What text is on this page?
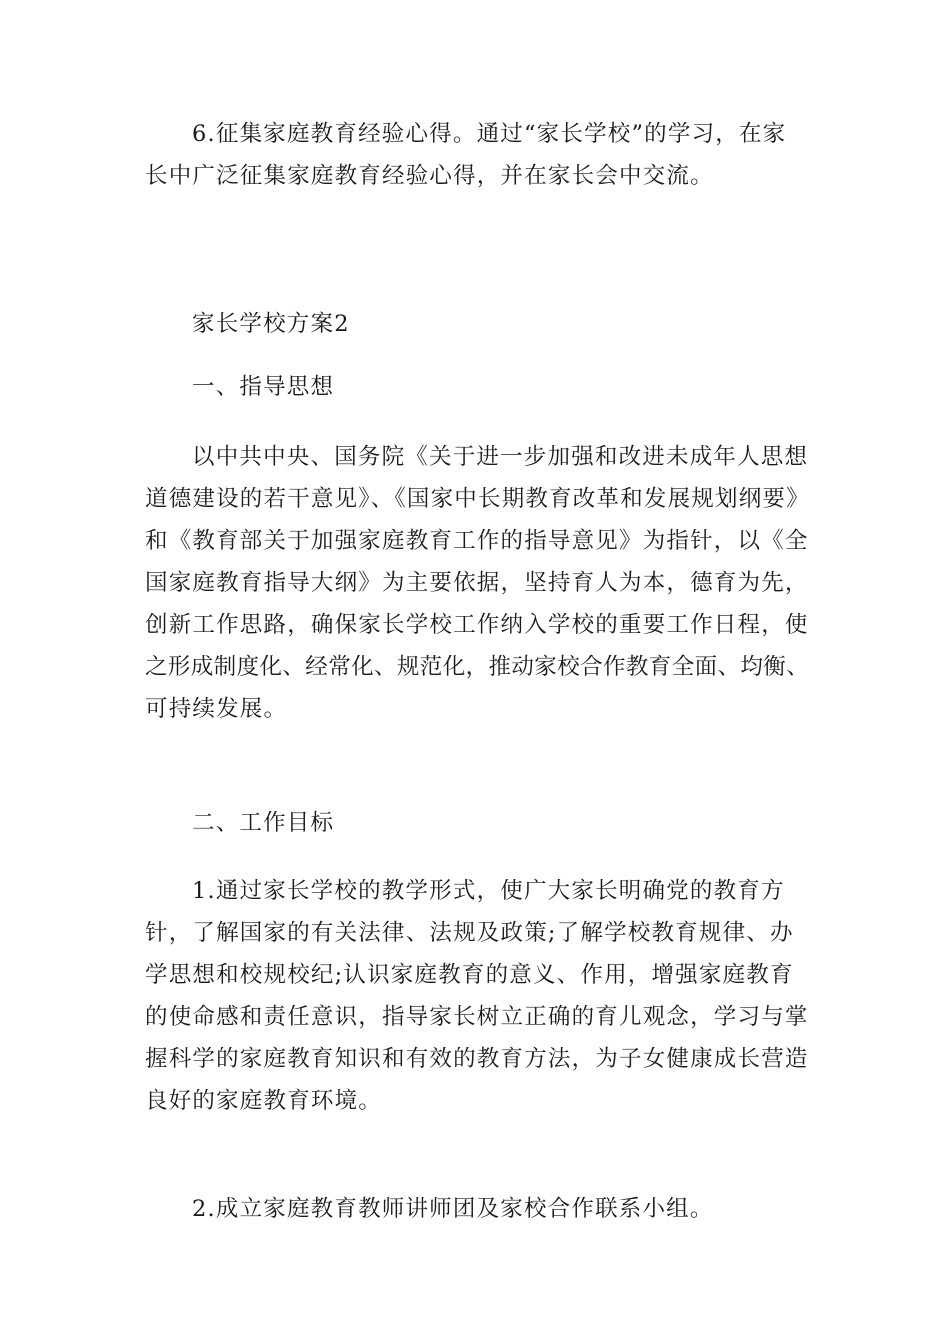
6.征集家庭教育经验心得。通过“家长学校”的学习，在家
长中广泛征集家庭教育经验心得，并在家长会中交流。

家长学校方案2

一、指导思想

以中共中央、国务院《关于进一步加强和改进未成年人思想
道德建设的若干意见》、《国家中长期教育改革和发展规划纲要》
和《教育部关于加强家庭教育工作的指导意见》为指针，以《全
国家庭教育指导大纲》为主要依据，坚持育人为本，德育为先，
创新工作思路，确保家长学校工作纳入学校的重要工作日程，使
之形成制度化、经常化、规范化，推动家校合作教育全面、均衡、
可持续发展。

二、工作目标

1.通过家长学校的教学形式，使广大家长明确党的教育方
针，了解国家的有关法律、法规及政策;了解学校教育规律、办
学思想和校规校纪;认识家庭教育的意义、作用，增强家庭教育
的使命感和责任意识，指导家长树立正确的育儿观念，学习与掌
握科学的家庭教育知识和有效的教育方法，为子女健康成长营造
良好的家庭教育环境。

2.成立家庭教育教师讲师团及家校合作联系小组。
